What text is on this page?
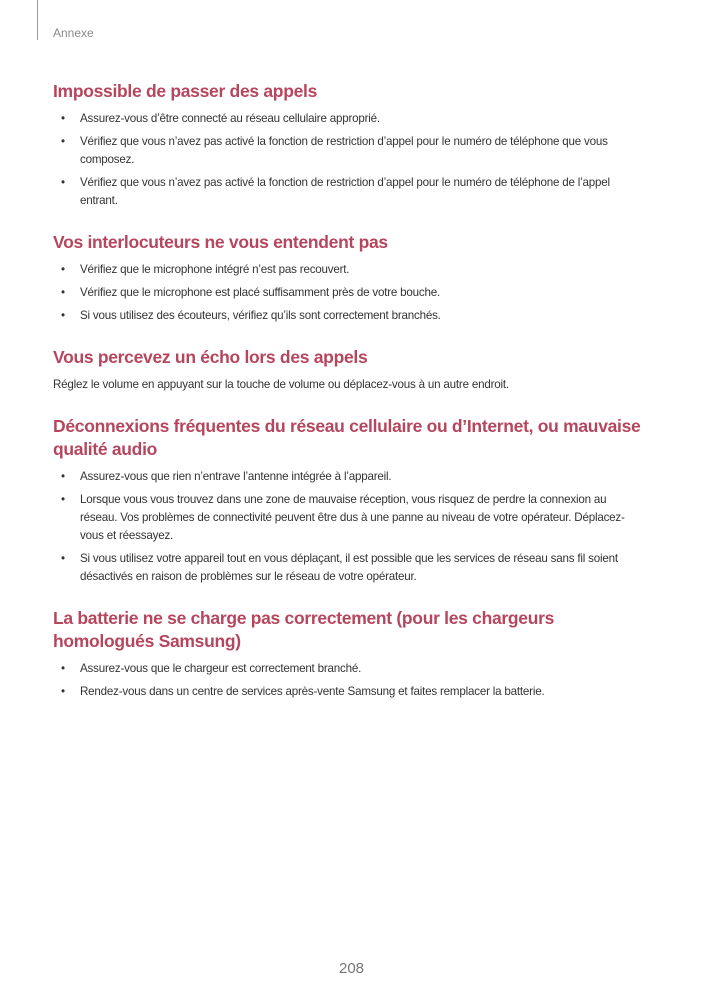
Annexe
Impossible de passer des appels
• Assurez-vous d’être connecté au réseau cellulaire approprié.
• Vérifiez que vous n’avez pas activé la fonction de restriction d’appel pour le numéro de téléphone que vous composez.
• Vérifiez que vous n’avez pas activé la fonction de restriction d’appel pour le numéro de téléphone de l’appel entrant.
Vos interlocuteurs ne vous entendent pas
• Vérifiez que le microphone intégré n’est pas recouvert.
• Vérifiez que le microphone est placé suffisamment près de votre bouche.
• Si vous utilisez des écouteurs, vérifiez qu’ils sont correctement branchés.
Vous percevez un écho lors des appels

Réglez le volume en appuyant sur la touche de volume ou déplacez-vous à un autre endroit.

Déconnexions fréquentes du réseau cellulaire ou d’Internet, ou mauvaise qualité audio
• Assurez-vous que rien n’entrave l’antenne intégrée à l’appareil.
• Lorsque vous vous trouvez dans une zone de mauvaise réception, vous risquez de perdre la connexion au réseau. Vos problèmes de connectivité peuvent être dus à une panne au niveau de votre opérateur. Déplacez-vous et réessayez.
• Si vous utilisez votre appareil tout en vous déplaçant, il est possible que les services de réseau sans fil soient désactivés en raison de problèmes sur le réseau de votre opérateur.
La batterie ne se charge pas correctement (pour les chargeurs homologués Samsung)
• Assurez-vous que le chargeur est correctement branché.
• Rendez-vous dans un centre de services après-vente Samsung et faites remplacer la batterie.
208
